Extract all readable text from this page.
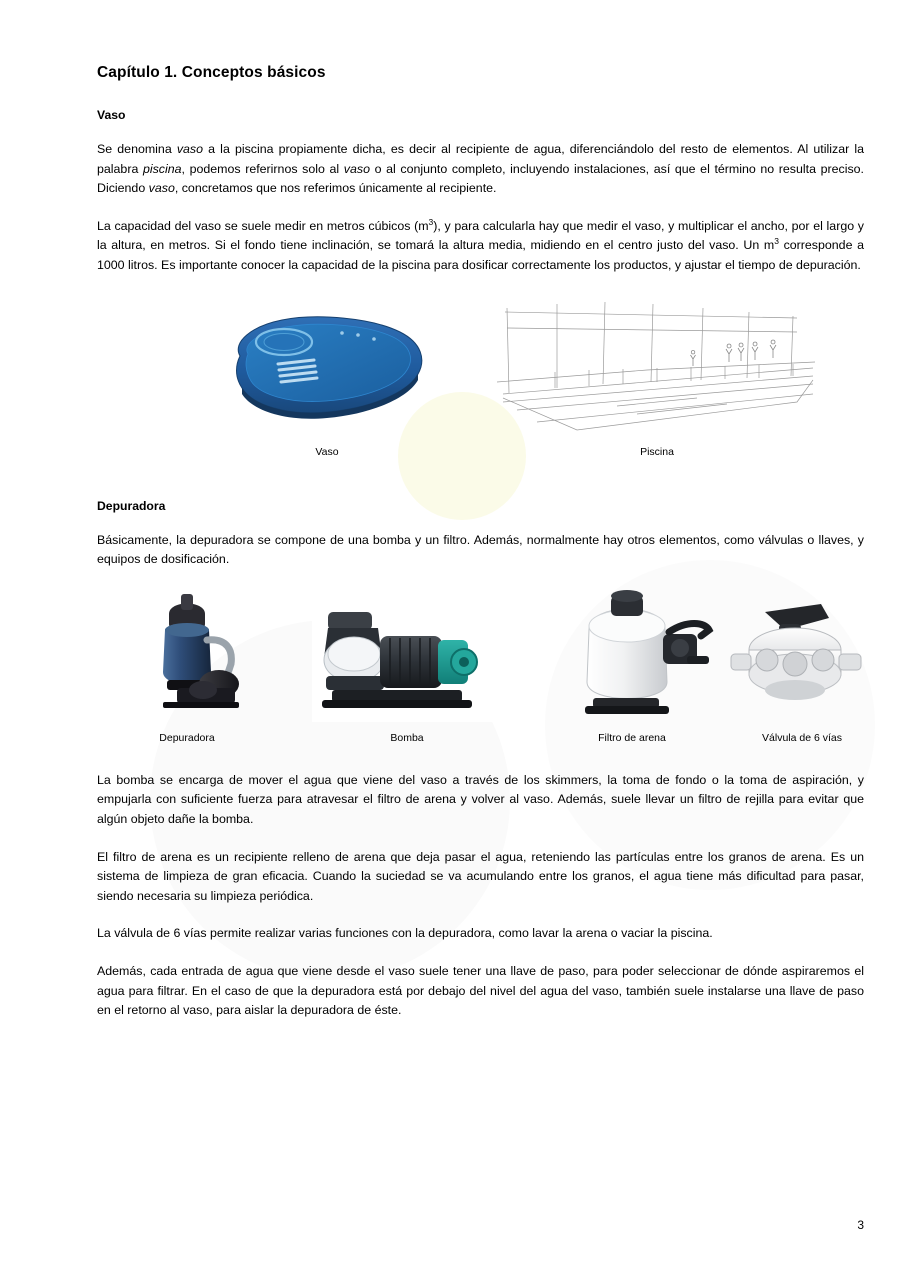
Capítulo 1. Conceptos básicos
Vaso

Se denomina vaso a la piscina propiamente dicha, es decir al recipiente de agua, diferenciándolo del resto de elementos. Al utilizar la palabra piscina, podemos referirnos solo al vaso o al conjunto completo, incluyendo instalaciones, así que el término no resulta preciso. Diciendo vaso, concretamos que nos referimos únicamente al recipiente.

La capacidad del vaso se suele medir en metros cúbicos $(m^3)$, y para calcularla hay que medir el vaso, y multiplicar el ancho, por el largo y la altura, en metros. Si el fondo tiene inclinación, se tomará la altura media, midiendo en el centro justo del vaso. Un $m^3$ corresponde a 1000 litros. Es importante conocer la capacidad de la piscina para dosificar correctamente los productos, y ajustar el tiempo de depuración.

Vaso	Piscina
Depuradora

Básicamente, la depuradora se compone de una bomba y un filtro. Además, normalmente hay otros elementos, como válvulas o llaves, y equipos de dosificación.

Depuradora	Bomba	Filtro de arena	Válvula de 6 vías

La bomba se encarga de mover el agua que viene del vaso a través de los skimmers, la toma de fondo o la toma de aspiración, y empujarla con suficiente fuerza para atravesar el filtro de arena y volver al vaso. Además, suele llevar un filtro de rejilla para evitar que algún objeto dañe la bomba.

El filtro de arena es un recipiente relleno de arena que deja pasar el agua, reteniendo las partículas entre los granos de arena. Es un sistema de limpieza de gran eficacia. Cuando la suciedad se va acumulando entre los granos, el agua tiene más dificultad para pasar, siendo necesaria su limpieza periódica.

La válvula de 6 vías permite realizar varias funciones con la depuradora, como lavar la arena o vaciar la piscina.

Además, cada entrada de agua que viene desde el vaso suele tener una llave de paso, para poder seleccionar de dónde aspiraremos el agua para filtrar. En el caso de que la depuradora está por debajo del nivel del agua del vaso, también suele instalarse una llave de paso en el retorno al vaso, para aislar la depuradora de éste.

3
